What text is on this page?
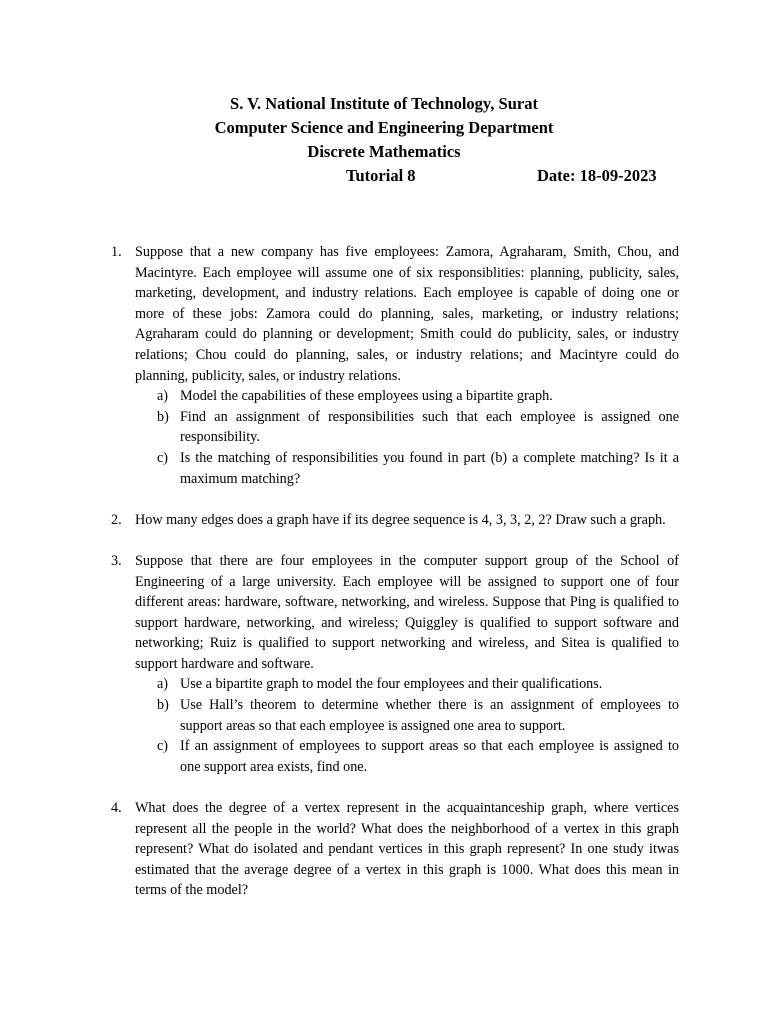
S. V. National Institute of Technology, Surat
Computer Science and Engineering Department
Discrete Mathematics
Tutorial 8	Date: 18-09-2023
1. Suppose that a new company has five employees: Zamora, Agraharam, Smith, Chou, and Macintyre. Each employee will assume one of six responsiblities: planning, publicity, sales, marketing, development, and industry relations. Each employee is capable of doing one or more of these jobs: Zamora could do planning, sales, marketing, or industry relations; Agraharam could do planning or development; Smith could do publicity, sales, or industry relations; Chou could do planning, sales, or industry relations; and Macintyre could do planning, publicity, sales, or industry relations.
a) Model the capabilities of these employees using a bipartite graph.
b) Find an assignment of responsibilities such that each employee is assigned one responsibility.
c) Is the matching of responsibilities you found in part (b) a complete matching? Is it a maximum matching?
2. How many edges does a graph have if its degree sequence is 4, 3, 3, 2, 2? Draw such a graph.
3. Suppose that there are four employees in the computer support group of the School of Engineering of a large university. Each employee will be assigned to support one of four different areas: hardware, software, networking, and wireless. Suppose that Ping is qualified to support hardware, networking, and wireless; Quiggley is qualified to support software and networking; Ruiz is qualified to support networking and wireless, and Sitea is qualified to support hardware and software.
a) Use a bipartite graph to model the four employees and their qualifications.
b) Use Hall’s theorem to determine whether there is an assignment of employees to support areas so that each employee is assigned one area to support.
c) If an assignment of employees to support areas so that each employee is assigned to one support area exists, find one.
4. What does the degree of a vertex represent in the acquaintanceship graph, where vertices represent all the people in the world? What does the neighborhood of a vertex in this graph represent? What do isolated and pendant vertices in this graph represent? In one study itwas estimated that the average degree of a vertex in this graph is 1000. What does this mean in terms of the model?
